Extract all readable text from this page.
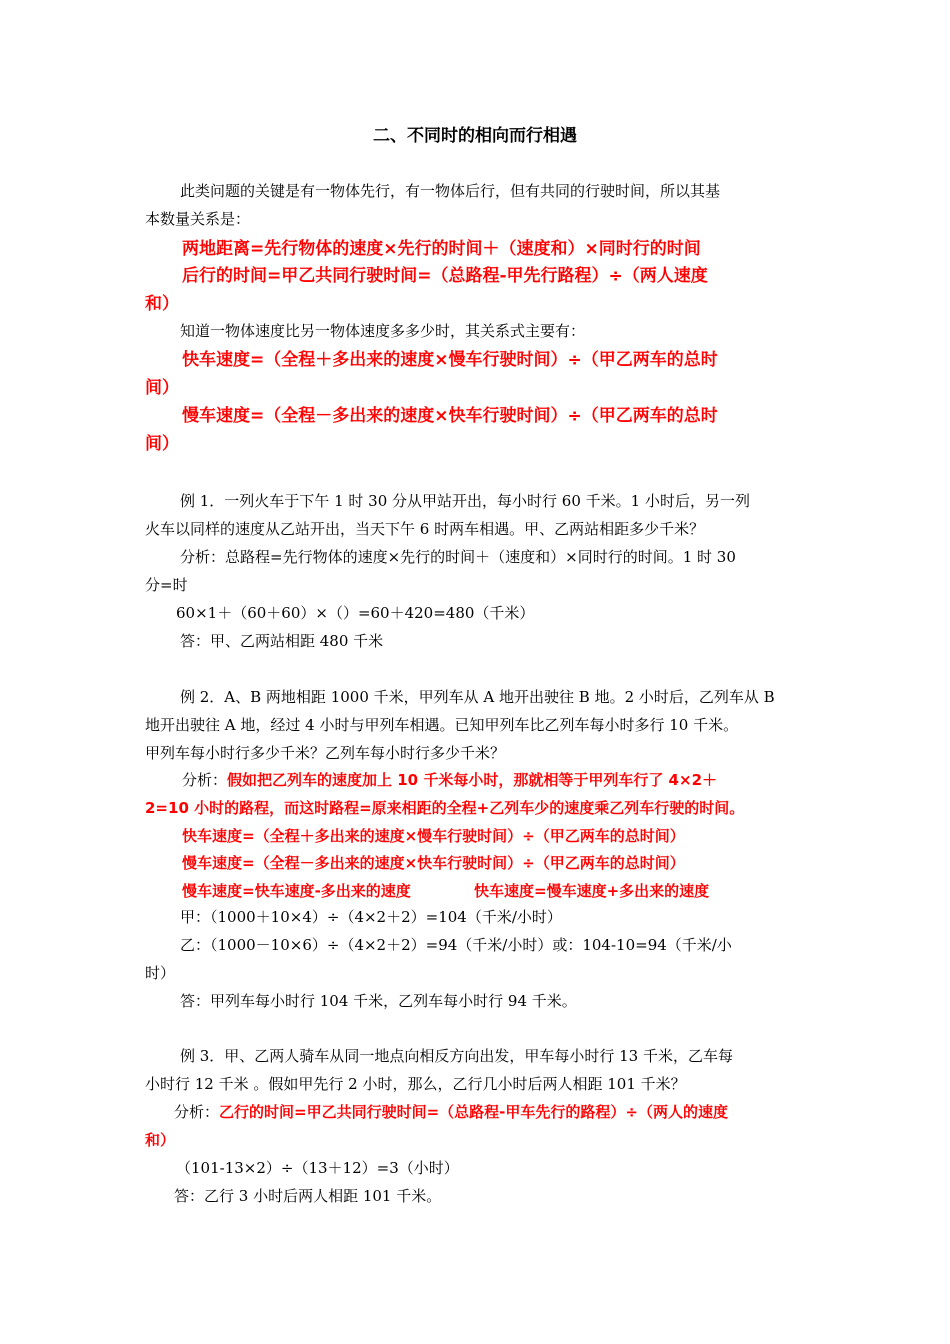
二、不同时的相向而行相遇
此类问题的关键是有一物体先行，有一物体后行，但有共同的行驶时间，所以其基
本数量关系是：
两地距离=先行物体的速度×先行的时间＋（速度和）×同时行的时间
后行的时间=甲乙共同行驶时间=（总路程-甲先行路程）÷（两人速度
和）
知道一物体速度比另一物体速度多多少时，其关系式主要有：
快车速度=（全程＋多出来的速度×慢车行驶时间）÷（甲乙两车的总时
间）
慢车速度=（全程－多出来的速度×快车行驶时间）÷（甲乙两车的总时
间）
例 1．一列火车于下午 1 时 30 分从甲站开出，每小时行 60 千米。1 小时后，另一列
火车以同样的速度从乙站开出，当天下午 6 时两车相遇。甲、乙两站相距多少千米？
分析：总路程=先行物体的速度×先行的时间＋（速度和）×同时行的时间。1 时 30
分=时
60×1＋（60＋60）×（）=60＋420=480（千米）
答：甲、乙两站相距 480 千米
例 2．A、B 两地相距 1000 千米，甲列车从 A 地开出驶往 B 地。2 小时后，乙列车从 B
地开出驶往 A 地，经过 4 小时与甲列车相遇。已知甲列车比乙列车每小时多行 10 千米。
甲列车每小时行多少千米？乙列车每小时行多少千米？
分析：假如把乙列车的速度加上 10 千米每小时，那就相等于甲列车行了 4×2＋
2=10 小时的路程，而这时路程=原来相距的全程+乙列车少的速度乘乙列车行驶的时间。
快车速度=（全程＋多出来的速度×慢车行驶时间）÷（甲乙两车的总时间）
慢车速度=（全程－多出来的速度×快车行驶时间）÷（甲乙两车的总时间）
慢车速度=快车速度-多出来的速度	快车速度=慢车速度+多出来的速度
甲：（1000＋10×4）÷（4×2＋2）=104（千米/小时）
乙：（1000－10×6）÷（4×2＋2）=94（千米/小时）或：104-10=94（千米/小
时）
答：甲列车每小时行 104 千米，乙列车每小时行 94 千米。
例 3．甲、乙两人骑车从同一地点向相反方向出发，甲车每小时行 13 千米，乙车每
小时行 12 千米 。假如甲先行 2 小时，那么，乙行几小时后两人相距 101 千米？
分析：乙行的时间=甲乙共同行驶时间=（总路程-甲车先行的路程）÷（两人的速度
和）
（101-13×2）÷（13＋12）=3（小时）
答：乙行 3 小时后两人相距 101 千米。
